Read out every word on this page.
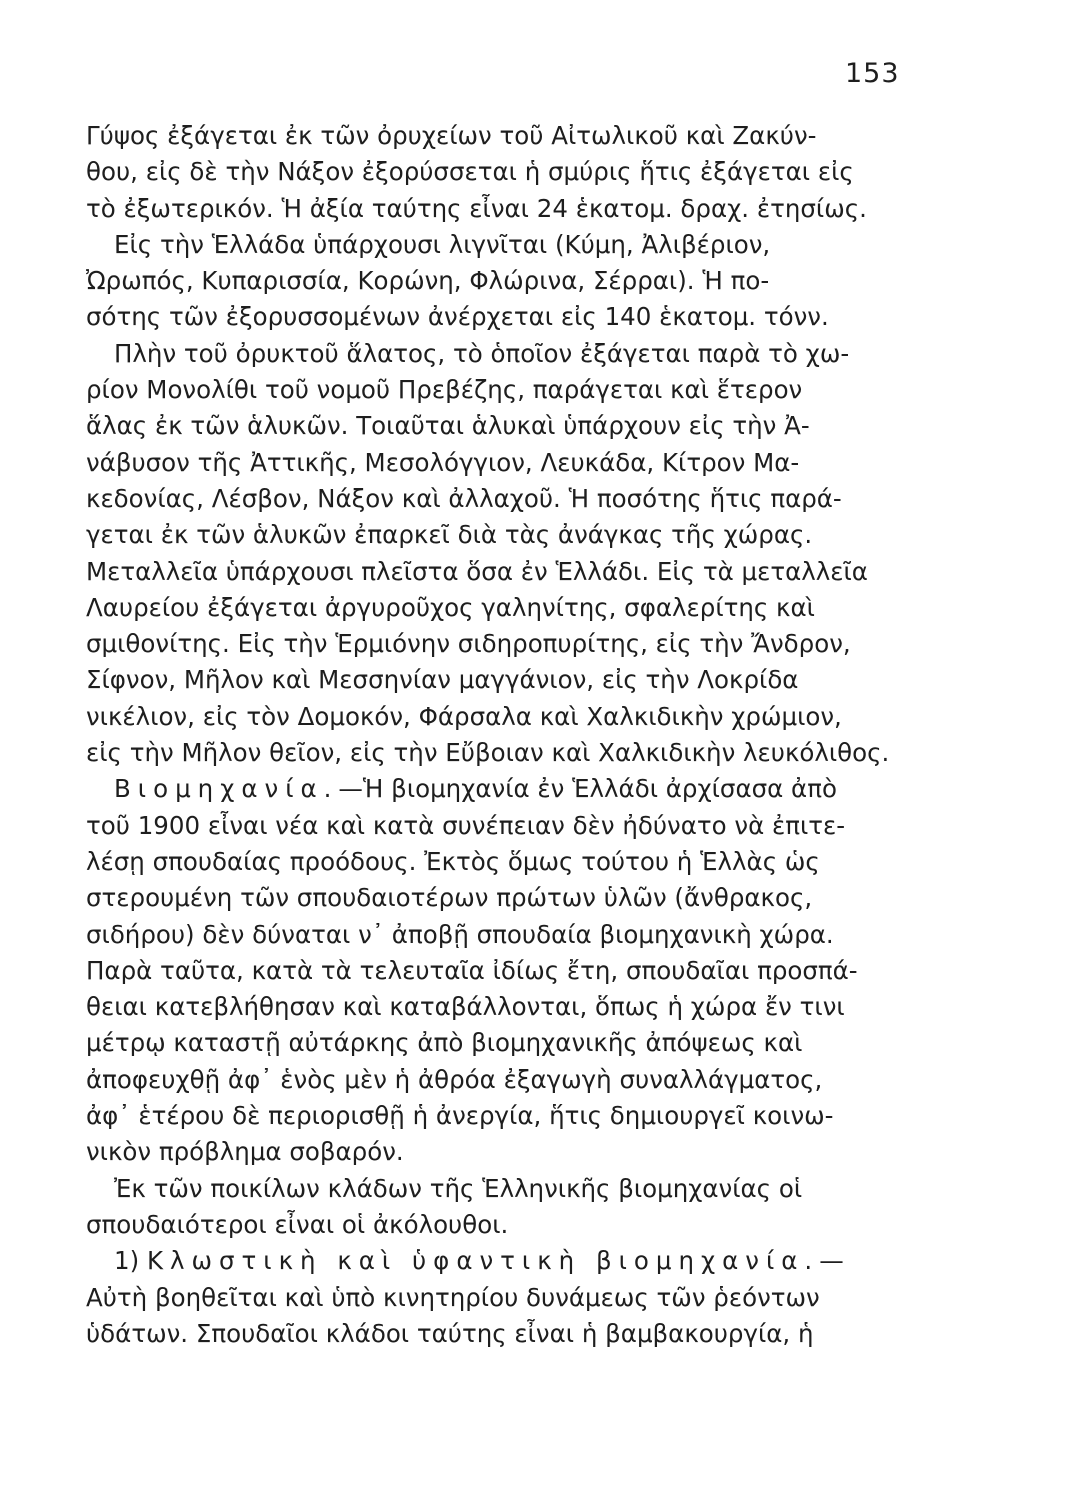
153
Γύψος ἐξάγεται ἐκ τῶν ὀρυχείων τοῦ Αἰτωλικοῦ καὶ Ζακύν-
θου, εἰς δὲ τὴν Νάξον ἐξορύσσεται ἡ σμύρις ἥτις ἐξάγεται εἰς
τὸ ἐξωτερικόν. Ἡ ἀξία ταύτης εἶναι 24 ἑκατομ. δραχ. ἐτησίως.
Εἰς τὴν Ἑλλάδα ὑπάρχουσι λιγνῖται (Κύμη, Ἀλιβέριον,
Ὠρωπός, Κυπαρισσία, Κορώνη, Φλώρινα, Σέρραι). Ἡ πο-
σότης τῶν ἐξορυσσομένων ἀνέρχεται εἰς 140 ἑκατομ. τόνν.
Πλὴν τοῦ ὀρυκτοῦ ἅλατος, τὸ ὁποῖον ἐξάγεται παρὰ τὸ χω-
ρίον Μονολίθι τοῦ νομοῦ Πρεβέζης, παράγεται καὶ ἕτερον
ἅλας ἐκ τῶν ἁλυκῶν. Τοιαῦται ἁλυκαὶ ὑπάρχουν εἰς τὴν Ἀ-
νάβυσον τῆς Ἀττικῆς, Μεσολόγγιον, Λευκάδα, Κίτρον Μα-
κεδονίας, Λέσβον, Νάξον καὶ ἀλλαχοῦ. Ἡ ποσότης ἥτις παρά-
γεται ἐκ τῶν ἁλυκῶν ἐπαρκεῖ διὰ τὰς ἀνάγκας τῆς χώρας.
Μεταλλεῖα ὑπάρχουσι πλεῖστα ὅσα ἐν Ἑλλάδι. Εἰς τὰ μεταλλεῖα
Λαυρείου ἐξάγεται ἀργυροῦχος γαληνίτης, σφαλερίτης καὶ
σμιθονίτης. Εἰς τὴν Ἑρμιόνην σιδηροπυρίτης, εἰς τὴν Ἄνδρον,
Σίφνον, Μῆλον καὶ Μεσσηνίαν μαγγάνιον, εἰς τὴν Λοκρίδα
νικέλιον, εἰς τὸν Δομοκόν, Φάρσαλα καὶ Χαλκιδικὴν χρώμιον,
εἰς τὴν Μῆλον θεῖον, εἰς τὴν Εὔβοιαν καὶ Χαλκιδικὴν λευκόλιθος.
Βιομηχανία.—Ἡ βιομηχανία ἐν Ἑλλάδι ἀρχίσασα ἀπὸ
τοῦ 1900 εἶναι νέα καὶ κατὰ συνέπειαν δὲν ἠδύνατο νὰ ἐπιτε-
λέσῃ σπουδαίας προόδους. Ἐκτὸς ὅμως τούτου ἡ Ἑλλὰς ὡς
στερουμένη τῶν σπουδαιοτέρων πρώτων ὑλῶν (ἄνθρακος,
σιδήρου) δὲν δύναται ν᾽ ἀποβῇ σπουδαία βιομηχανικὴ χώρα.
Παρὰ ταῦτα, κατὰ τὰ τελευταῖα ἰδίως ἔτη, σπουδαῖαι προσπά-
θειαι κατεβλήθησαν καὶ καταβάλλονται, ὅπως ἡ χώρα ἔν τινι
μέτρῳ καταστῇ αὐτάρκης ἀπὸ βιομηχανικῆς ἀπόψεως καὶ
ἀποφευχθῇ ἀφ᾽ ἑνὸς μὲν ἡ ἀθρόα ἐξαγωγὴ συναλλάγματος,
ἀφ᾽ ἑτέρου δὲ περιορισθῇ ἡ ἀνεργία, ἥτις δημιουργεῖ κοινω-
νικὸν πρόβλημα σοβαρόν.
Ἐκ τῶν ποικίλων κλάδων τῆς Ἑλληνικῆς βιομηχανίας οἱ
σπουδαιότεροι εἶναι οἱ ἀκόλουθοι.
1) Κλωστικὴ καὶ ὑφαντικὴ βιομηχανία.—
Αὐτὴ βοηθεῖται καὶ ὑπὸ κινητηρίου δυνάμεως τῶν ῥεόντων
ὑδάτων. Σπουδαῖοι κλάδοι ταύτης εἶναι ἡ βαμβακουργία, ἡ
